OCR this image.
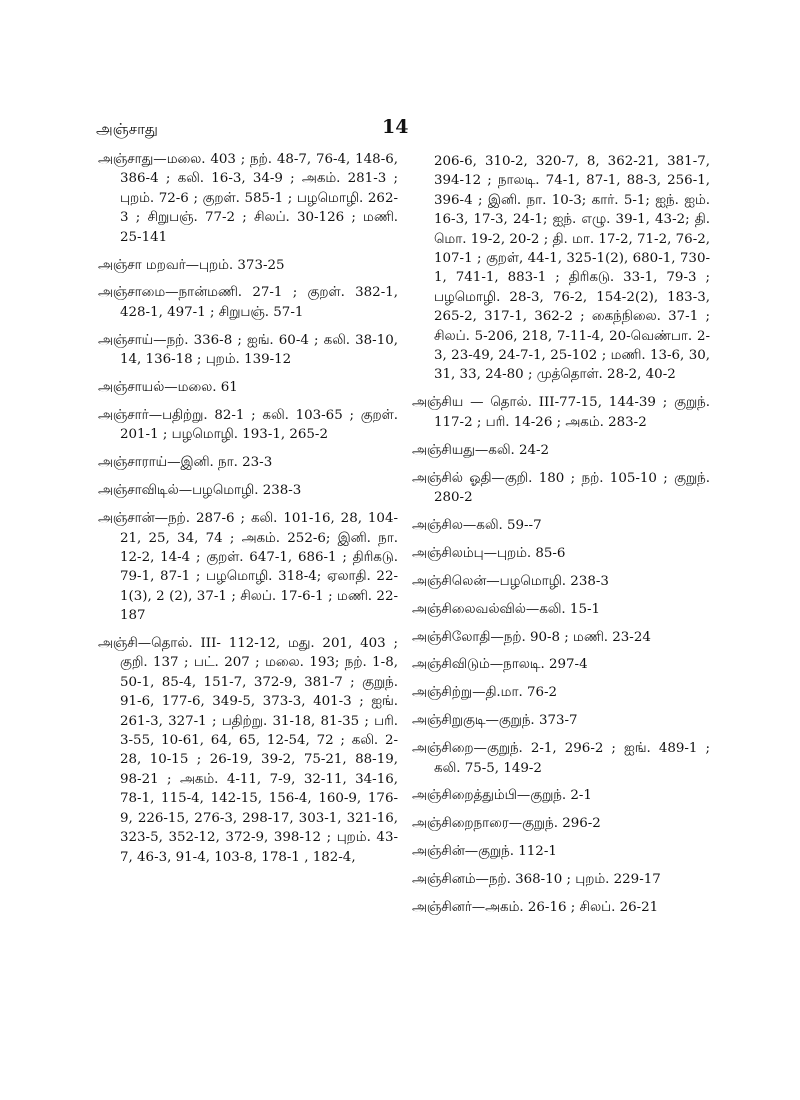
அஞ்சாது	14

அஞ்சாது—மலை. 403 ; நற். 48-7, 76-4, 148-6, 386-4 ; கலி. 16-3, 34-9 ; அகம். 281-3 ; புறம். 72-6 ; குறள். 585-1 ; பழமொழி. 262-3 ; சிறுபஞ். 77-2 ; சிலப். 30-126 ; மணி. 25-141

அஞ்சா மறவர்—புறம். 373-25

அஞ்சாமை—நான்மணி. 27-1 ; குறள். 382-1, 428-1, 497-1 ; சிறுபஞ். 57-1

அஞ்சாய்—நற். 336-8 ; ஐங். 60-4 ; கலி. 38-10, 14, 136-18 ; புறம். 139-12

அஞ்சாயல்—மலை. 61

அஞ்சார்—பதிற்று. 82-1 ; கலி. 103-65 ; குறள். 201-1 ; பழமொழி. 193-1, 265-2

அஞ்சாராய்—இனி. நா. 23-3

அஞ்சாவிடில்—பழமொழி. 238-3

அஞ்சான்—நற். 287-6 ; கலி. 101-16, 28, 104-21, 25, 34, 74 ; அகம். 252-6; இனி. நா. 12-2, 14-4 ; குறள். 647-1, 686-1 ; திரிகடு. 79-1, 87-1 ; பழமொழி. 318-4; ஏலாதி. 22-1(3), 2 (2), 37-1 ; சிலப். 17-6-1 ; மணி. 22-187

அஞ்சி—தொல். III- 112-12, மது. 201, 403 ; குறி. 137 ; பட். 207 ; மலை. 193; நற். 1-8, 50-1, 85-4, 151-7, 372-9, 381-7 ; குறுந். 91-6, 177-6, 349-5, 373-3, 401-3 ; ஐங். 261-3, 327-1 ; பதிற்று. 31-18, 81-35 ; பரி. 3-55, 10-61, 64, 65, 12-54, 72 ; கலி. 2-28, 10-15 ; 26-19, 39-2, 75-21, 88-19, 98-21 ; அகம். 4-11, 7-9, 32-11, 34-16, 78-1, 115-4, 142-15, 156-4, 160-9, 176-9, 226-15, 276-3, 298-17, 303-1, 321-16, 323-5, 352-12, 372-9, 398-12 ; புறம். 43-7, 46-3, 91-4, 103-8, 178-1 , 182-4,

206-6, 310-2, 320-7, 8, 362-21, 381-7, 394-12 ; நாலடி. 74-1, 87-1, 88-3, 256-1, 396-4 ; இனி. நா. 10-3; கார். 5-1; ஐந். ஐம். 16-3, 17-3, 24-1; ஐந். எழு. 39-1, 43-2; தி. மொ. 19-2, 20-2 ; தி. மா. 17-2, 71-2, 76-2, 107-1 ; குறள், 44-1, 325-1(2), 680-1, 730-1, 741-1, 883-1 ; திரிகடு. 33-1, 79-3 ; பழமொழி. 28-3, 76-2, 154-2(2), 183-3, 265-2, 317-1, 362-2 ; கைந்நிலை. 37-1 ; சிலப். 5-206, 218, 7-11-4, 20-வெண்பா. 2-3, 23-49, 24-7-1, 25-102 ; மணி. 13-6, 30, 31, 33, 24-80 ; முத்தொள். 28-2, 40-2

அஞ்சிய — தொல். III-77-15, 144-39 ; குறுந். 117-2 ; பரி. 14-26 ; அகம். 283-2

அஞ்சியது—கலி. 24-2

அஞ்சில் ஓதி—குறி. 180 ; நற். 105-10 ; குறுந். 280-2

அஞ்சில—கலி. 59--7

அஞ்சிலம்பு—புறம். 85-6

அஞ்சிலென்—பழமொழி. 238-3

அஞ்சிலைவல்வில்—கலி. 15-1

அஞ்சிலோதி—நற். 90-8 ; மணி. 23-24

அஞ்சிவிடும்—நாலடி. 297-4

அஞ்சிற்று—தி.மா. 76-2

அஞ்சிறுகுடி—குறுந். 373-7

அஞ்சிறை—குறுந். 2-1, 296-2 ; ஐங். 489-1 ; கலி. 75-5, 149-2

அஞ்சிறைத்தும்பி—குறுந். 2-1

அஞ்சிறைநாரை—குறுந். 296-2

அஞ்சின்—குறுந். 112-1

அஞ்சினம்—நற். 368-10 ; புறம். 229-17

அஞ்சினர்—அகம். 26-16 ; சிலப். 26-21
